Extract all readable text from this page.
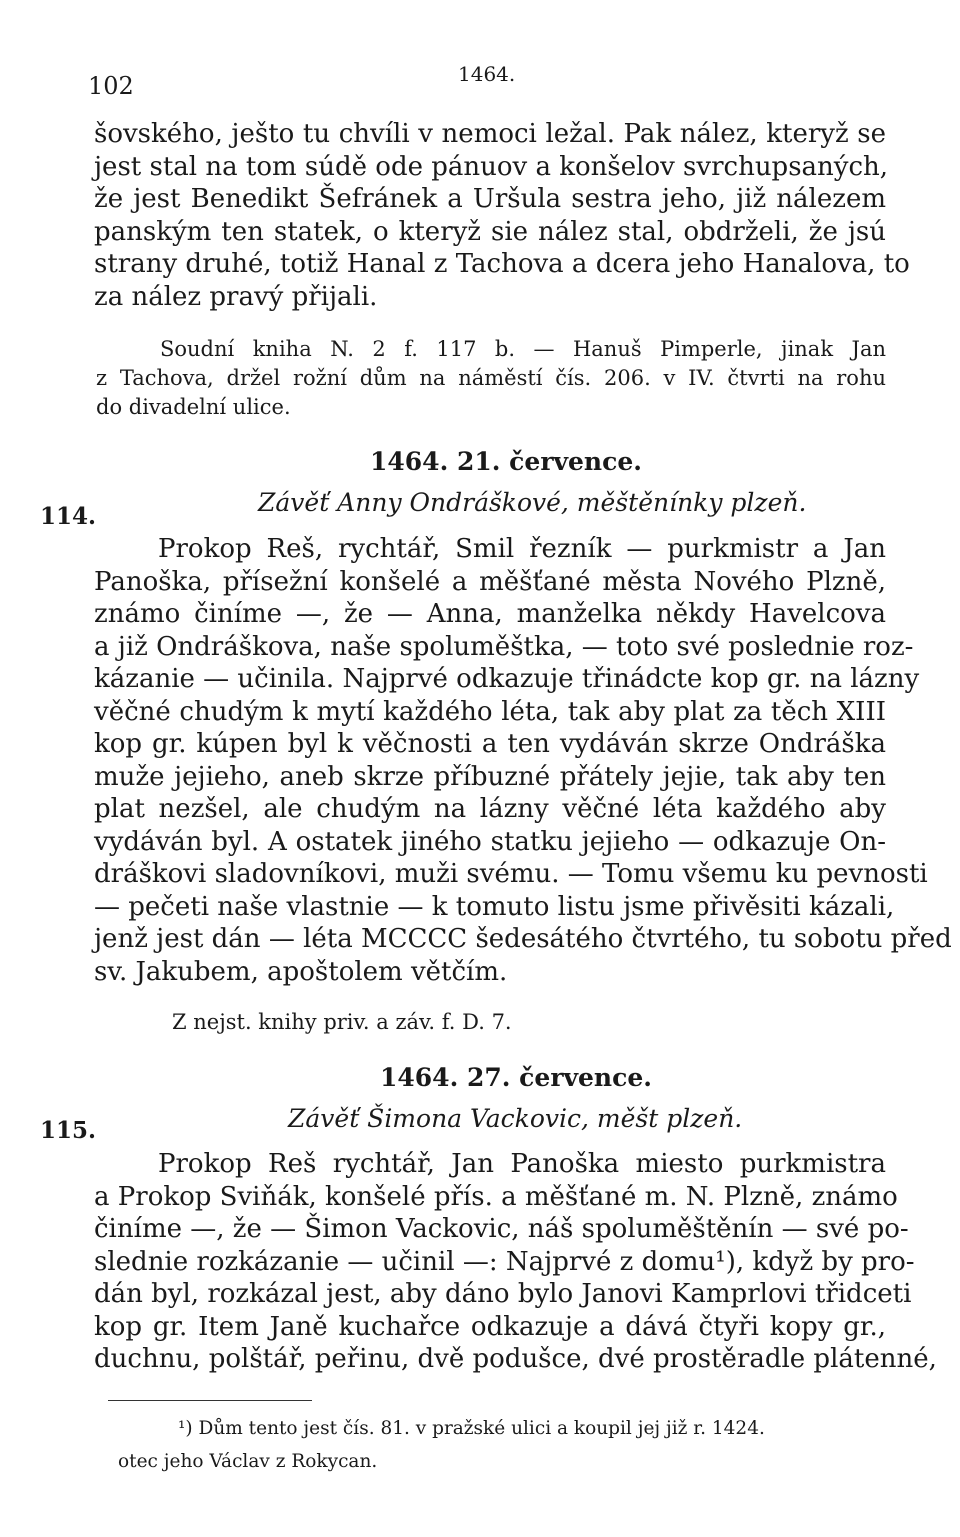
102	1464.
šovského, ješto tu chvíli v nemoci ležal. Pak nález, kteryž se
jest stal na tom súdě ode pánuov a konšelov svrchupsaných,
že jest Benedikt Šefránek a Uršula sestra jeho, již nálezem
panským ten statek, o kteryž sie nález stal, obdrželi, že jsú
strany druhé, totiž Hanal z Tachova a dcera jeho Hanalova, to
za nález pravý přijali.
Soudní kniha N. 2 f. 117 b. — Hanuš Pimperle, jinak Jan
z Tachova, držel rožní dům na náměstí čís. 206. v IV. čtvrti na rohu
do divadelní ulice.
114.
1464. 21. července.
Závěť Anny Ondráškové, měštěnínky plzeň.
Prokop Reš, rychtář, Smil řezník — purkmistr a Jan
Panoška, přísežní konšelé a měšťané města Nového Plzně,
známo činíme —, že — Anna, manželka někdy Havelcova
a již Ondráškova, naše spoluměštka, — toto své poslednie roz-
kázanie — učinila. Najprvé odkazuje třinádcte kop gr. na lázny
věčné chudým k mytí každého léta, tak aby plat za těch XIII
kop gr. kúpen byl k věčnosti a ten vydáván skrze Ondráška
muže jejieho, aneb skrze příbuzné přátely jejie, tak aby ten
plat nezšel, ale chudým na lázny věčné léta každého aby
vydáván byl. A ostatek jiného statku jejieho — odkazuje On-
dráškovi sladovníkovi, muži svému. — Tomu všemu ku pevnosti
— pečeti naše vlastnie — k tomuto listu jsme přivěsiti kázali,
jenž jest dán — léta MCCCC šedesátého čtvrtého, tu sobotu před
sv. Jakubem, apoštolem větčím.
Z nejst. knihy priv. a záv. f. D. 7.
115.
1464. 27. července.
Závěť Šimona Vackovic, měšt plzeň.
Prokop Reš rychtář, Jan Panoška miesto purkmistra
a Prokop Sviňák, konšelé přís. a měšťané m. N. Plzně, známo
činíme —, že — Šimon Vackovic, náš spoluměštěnín — své po-
slednie rozkázanie — učinil —: Najprvé z domu¹), když by pro-
dán byl, rozkázal jest, aby dáno bylo Janovi Kamprlovi třidceti
kop gr. Item Janě kuchařce odkazuje a dává čtyři kopy gr.,
duchnu, polštář, peřinu, dvě podušce, dvé prostěradle plátenné,
¹) Dům tento jest čís. 81. v pražské ulici a koupil jej již r. 1424.
otec jeho Václav z Rokycan.
